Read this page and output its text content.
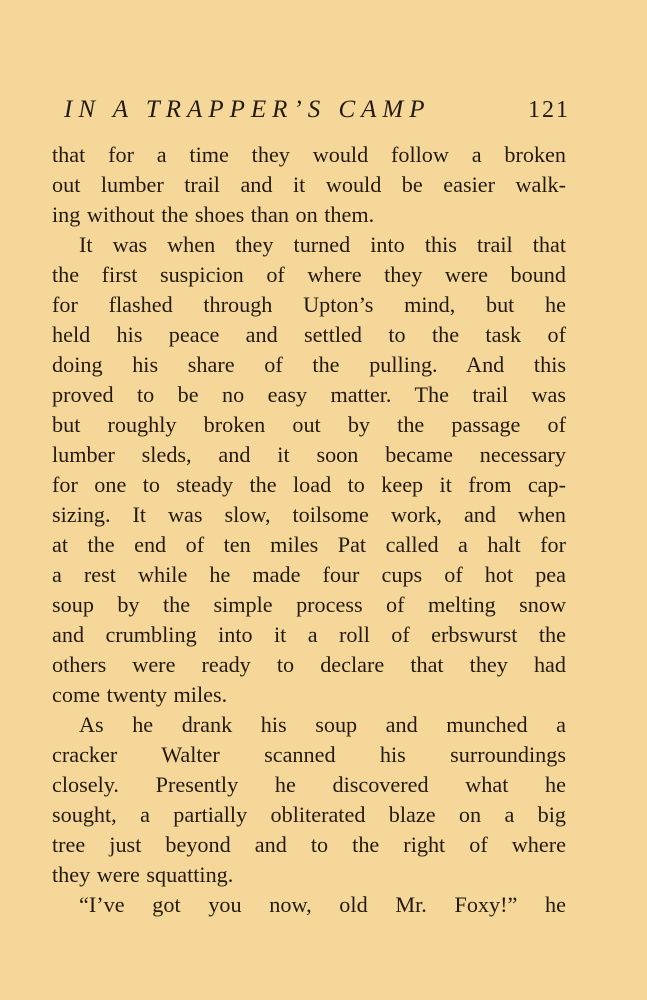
IN A TRAPPER’S CAMP	121
that for a time they would follow a broken
out lumber trail and it would be easier walk-
ing without the shoes than on them.
It was when they turned into this trail that
the first suspicion of where they were bound
for flashed through Upton’s mind, but he
held his peace and settled to the task of
doing his share of the pulling. And this
proved to be no easy matter. The trail was
but roughly broken out by the passage of
lumber sleds, and it soon became necessary
for one to steady the load to keep it from cap-
sizing. It was slow, toilsome work, and when
at the end of ten miles Pat called a halt for
a rest while he made four cups of hot pea
soup by the simple process of melting snow
and crumbling into it a roll of erbswurst the
others were ready to declare that they had
come twenty miles.
As he drank his soup and munched a
cracker Walter scanned his surroundings
closely. Presently he discovered what he
sought, a partially obliterated blaze on a big
tree just beyond and to the right of where
they were squatting.
“I’ve got you now, old Mr. Foxy!” he
